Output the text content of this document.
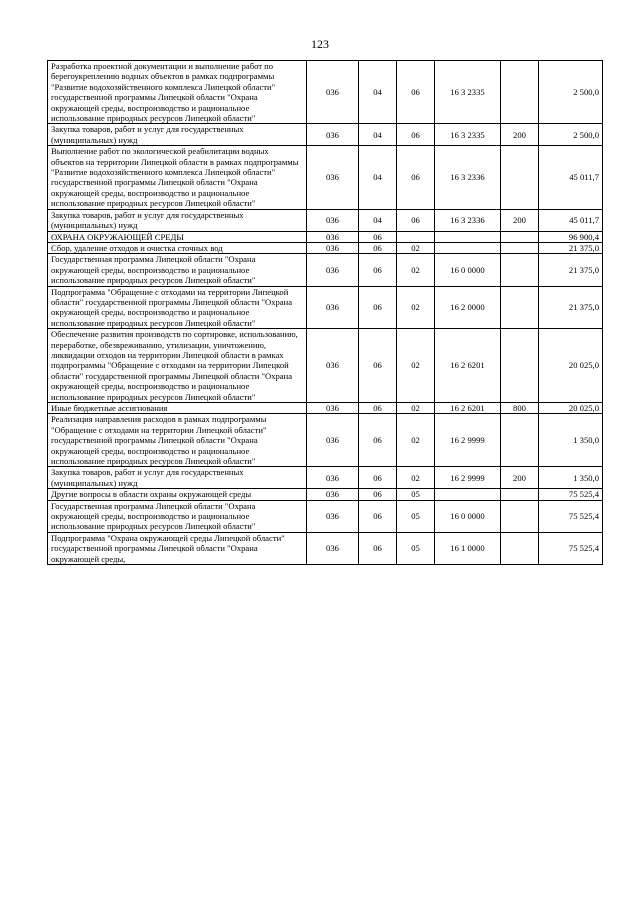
123
Разработка проектной документации и выполнение работ по берегоукреплению водных объектов в рамках подпрограммы "Развитие водохозяйственного комплекса Липецкой области" государственной программы Липецкой области "Охрана окружающей среды, воспроизводство и рациональное использование природных ресурсов Липецкой области"	036	04	06	16 3 2335		2 500,0
Закупка товаров, работ и услуг для государственных (муниципальных) нужд	036	04	06	16 3 2335	200	2 500,0
Выполнение работ по экологической реабилитации водных объектов на территории Липецкой области в рамках подпрограммы "Развитие водохозяйственного комплекса Липецкой области" государственной программы Липецкой области "Охрана окружающей среды, воспроизводство и рациональное использование природных ресурсов Липецкой области"	036	04	06	16 3 2336		45 011,7
Закупка товаров, работ и услуг для государственных (муниципальных) нужд	036	04	06	16 3 2336	200	45 011,7
ОХРАНА ОКРУЖАЮЩЕЙ СРЕДЫ	036	06				96 900,4
Сбор, удаление отходов и очистка сточных вод	036	06	02			21 375,0
Государственная программа Липецкой области "Охрана окружающей среды, воспроизводство и рациональное использование природных ресурсов Липецкой области"	036	06	02	16 0 0000		21 375,0
Подпрограмма "Обращение с отходами на территории Липецкой области" государственной программы Липецкой области "Охрана окружающей среды, воспроизводство и рациональное использование природных ресурсов Липецкой области"	036	06	02	16 2 0000		21 375,0
Обеспечение развития производств по сортировке, использованию, переработке, обезвреживанию, утилизации, уничтожению, ликвидации отходов на территории Липецкой области в рамках подпрограммы "Обращение с отходами на территории Липецкой области" государственной программы Липецкой области "Охрана окружающей среды, воспроизводство и рациональное использование природных ресурсов Липецкой области"	036	06	02	16 2 6201		20 025,0
Иные бюджетные ассигнования	036	06	02	16 2 6201	800	20 025,0
Реализация направления расходов в рамках подпрограммы "Обращение с отходами на территории Липецкой области" государственной программы Липецкой области "Охрана окружающей среды, воспроизводство и рациональное использование природных ресурсов Липецкой области"	036	06	02	16 2 9999		1 350,0
Закупка товаров, работ и услуг для государственных (муниципальных) нужд	036	06	02	16 2 9999	200	1 350,0
Другие вопросы в области охраны окружающей среды	036	06	05			75 525,4
Государственная программа Липецкой области "Охрана окружающей среды, воспроизводство и рациональное использование природных ресурсов Липецкой области"	036	06	05	16 0 0000		75 525,4
Подпрограмма "Охрана окружающей среды Липецкой области" государственной программы Липецкой области "Охрана окружающей среды,	036	06	05	16 1 0000		75 525,4
